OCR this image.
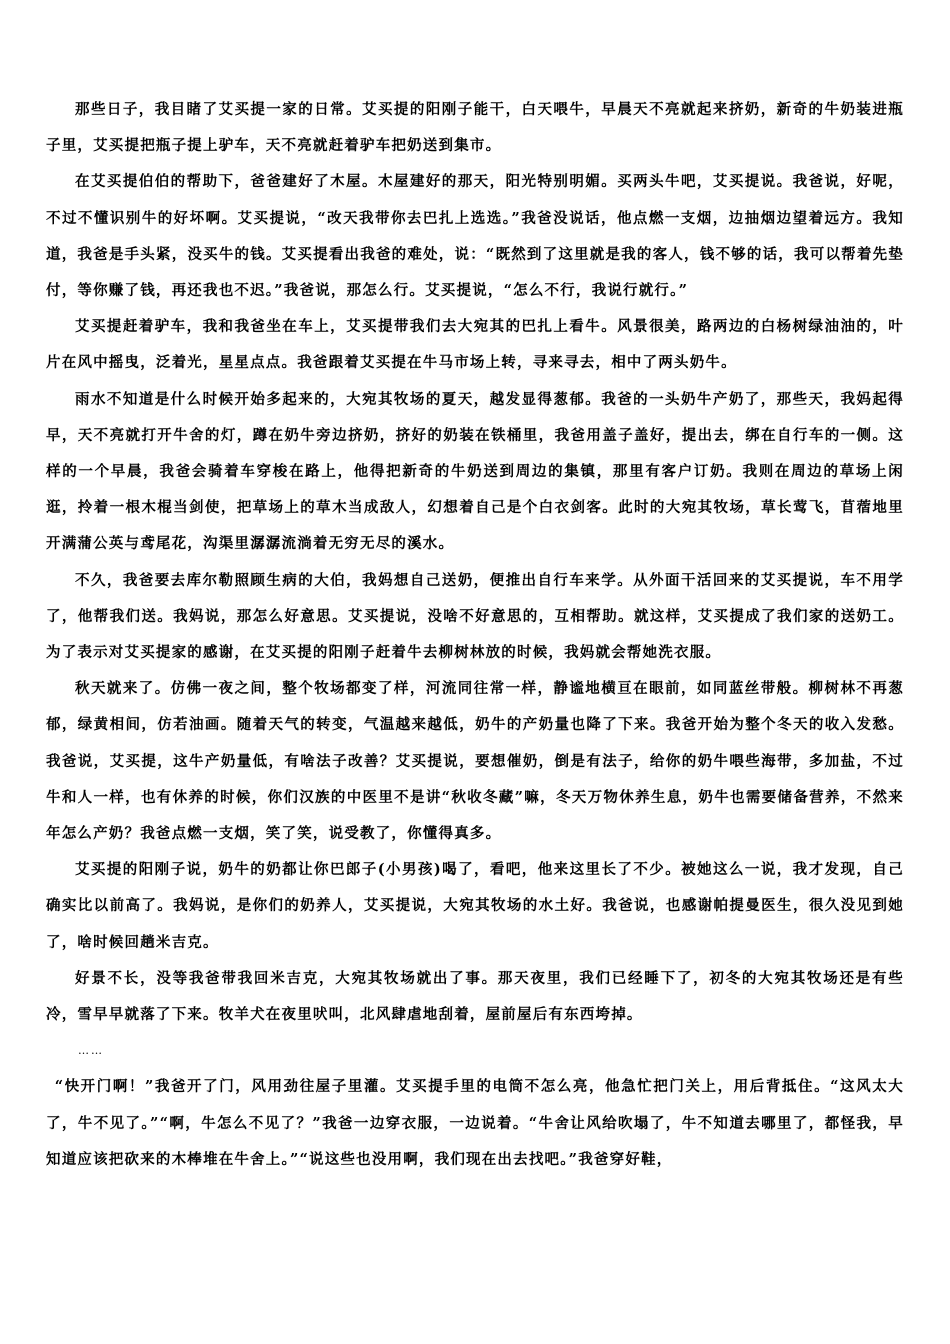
那些日子，我目睹了艾买提一家的日常。艾买提的阳刚子能干，白天喂牛，早晨天不亮就起来挤奶，新奇的牛奶装进瓶子里，艾买提把瓶子提上驴车，天不亮就赶着驴车把奶送到集市。

在艾买提伯伯的帮助下，爸爸建好了木屋。木屋建好的那天，阳光特别明媚。买两头牛吧，艾买提说。我爸说，好呢，不过不懂识别牛的好坏啊。艾买提说，“改天我带你去巴扎上选选。”我爸没说话，他点燃一支烟，边抽烟边望着远方。我知道，我爸是手头紧，没买牛的钱。艾买提看出我爸的难处，说：“既然到了这里就是我的客人，钱不够的话，我可以帮着先垫付，等你赚了钱，再还我也不迟。”我爸说，那怎么行。艾买提说，“怎么不行，我说行就行。”

艾买提赶着驴车，我和我爸坐在车上，艾买提带我们去大宛其的巴扎上看牛。风景很美，路两边的白杨树绿油油的，叶片在风中摇曳，泛着光，星星点点。我爸跟着艾买提在牛马市场上转，寻来寻去，相中了两头奶牛。

雨水不知道是什么时候开始多起来的，大宛其牧场的夏天，越发显得葱郁。我爸的一头奶牛产奶了，那些天，我妈起得早，天不亮就打开牛舍的灯，蹲在奶牛旁边挤奶，挤好的奶装在铁桶里，我爸用盖子盖好，提出去，绑在自行车的一侧。这样的一个早晨，我爸会骑着车穿梭在路上，他得把新奇的牛奶送到周边的集镇，那里有客户订奶。我则在周边的草场上闲逛，拎着一根木棍当剑使，把草场上的草木当成敌人，幻想着自己是个白衣剑客。此时的大宛其牧场，草长莺飞，苜蓿地里开满蒲公英与鸢尾花，沟渠里潺潺流淌着无穷无尽的溪水。

不久，我爸要去库尔勒照顾生病的大伯，我妈想自己送奶，便推出自行车来学。从外面干活回来的艾买提说，车不用学了，他帮我们送。我妈说，那怎么好意思。艾买提说，没啥不好意思的，互相帮助。就这样，艾买提成了我们家的送奶工。为了表示对艾买提家的感谢，在艾买提的阳刚子赶着牛去柳树林放的时候，我妈就会帮她洗衣服。

秋天就来了。仿佛一夜之间，整个牧场都变了样，河流同往常一样，静谧地横亘在眼前，如同蓝丝带般。柳树林不再葱郁，绿黄相间，仿若油画。随着天气的转变，气温越来越低，奶牛的产奶量也降了下来。我爸开始为整个冬天的收入发愁。我爸说，艾买提，这牛产奶量低，有啥法子改善？艾买提说，要想催奶，倒是有法子，给你的奶牛喂些海带，多加盐，不过牛和人一样，也有休养的时候，你们汉族的中医里不是讲“秋收冬藏”嘛，冬天万物休养生息，奶牛也需要储备营养，不然来年怎么产奶？我爸点燃一支烟，笑了笑，说受教了，你懂得真多。

艾买提的阳刚子说，奶牛的奶都让你巴郎子(小男孩)喝了，看吧，他来这里长了不少。被她这么一说，我才发现，自己确实比以前高了。我妈说，是你们的奶养人，艾买提说，大宛其牧场的水土好。我爸说，也感谢帕提曼医生，很久没见到她了，啥时候回趟米吉克。

好景不长，没等我爸带我回米吉克，大宛其牧场就出了事。那天夜里，我们已经睡下了，初冬的大宛其牧场还是有些冷，雪早早就落了下来。牧羊犬在夜里吠叫，北风肆虐地刮着，屋前屋后有东西垮掉。

……

“快开门啊！”我爸开了门，风用劲往屋子里灌。艾买提手里的电筒不怎么亮，他急忙把门关上，用后背抵住。“这风太大了，牛不见了。”“啊，牛怎么不见了？”我爸一边穿衣服，一边说着。“牛舍让风给吹塌了，牛不知道去哪里了，都怪我，早知道应该把砍来的木棒堆在牛舍上。”“说这些也没用啊，我们现在出去找吧。”我爸穿好鞋，
